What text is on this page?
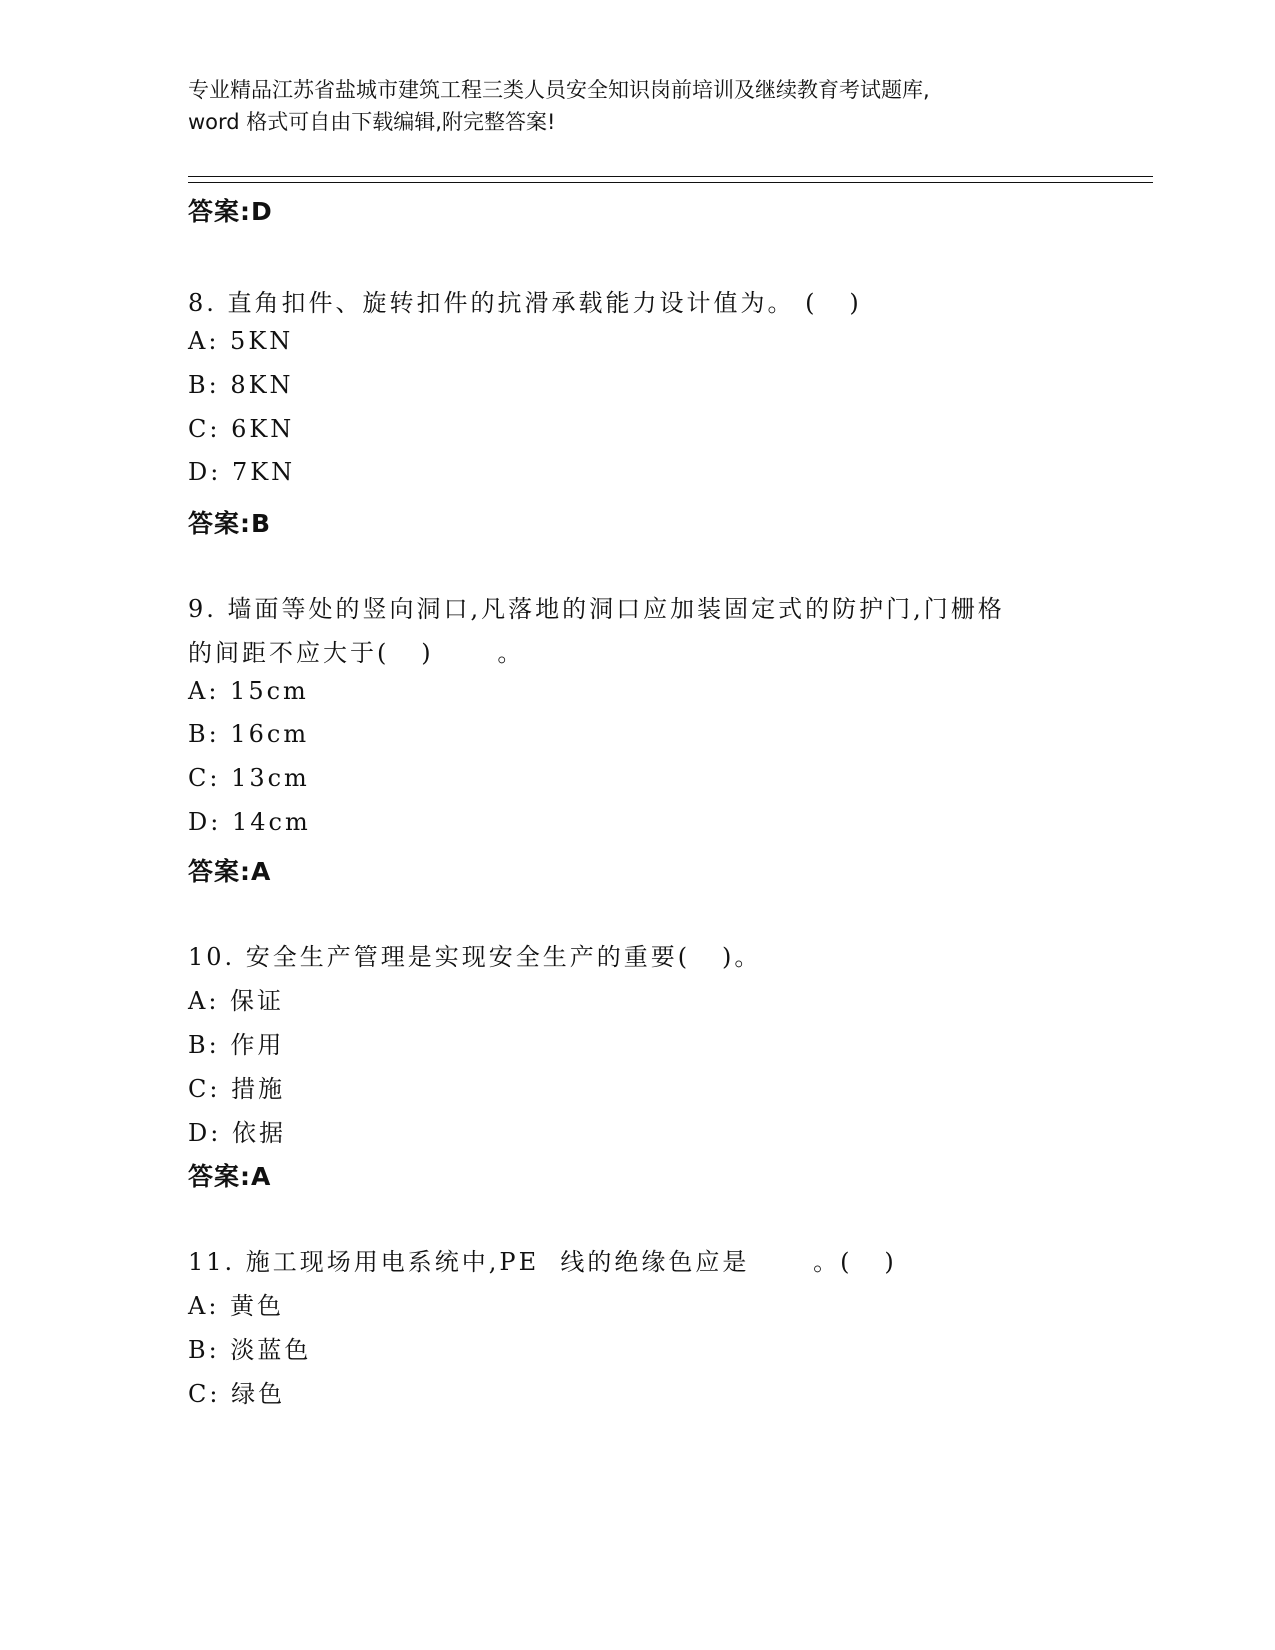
专业精品江苏省盐城市建筑工程三类人员安全知识岗前培训及继续教育考试题库,
word 格式可自由下载编辑,附完整答案!
答案:D
8. 直角扣件、旋转扣件的抗滑承载能力设计值为。 (   )
A: 5KN
B: 8KN
C: 6KN
D: 7KN
答案:B
9. 墙面等处的竖向洞口,凡落地的洞口应加装固定式的防护门,门栅格
的间距不应大于(   )      。
A: 15cm
B: 16cm
C: 13cm
D: 14cm
答案:A
10. 安全生产管理是实现安全生产的重要(   )。
A: 保证
B: 作用
C: 措施
D: 依据
答案:A
11. 施工现场用电系统中,PE  线的绝缘色应是      。(   )
A: 黄色
B: 淡蓝色
C: 绿色
